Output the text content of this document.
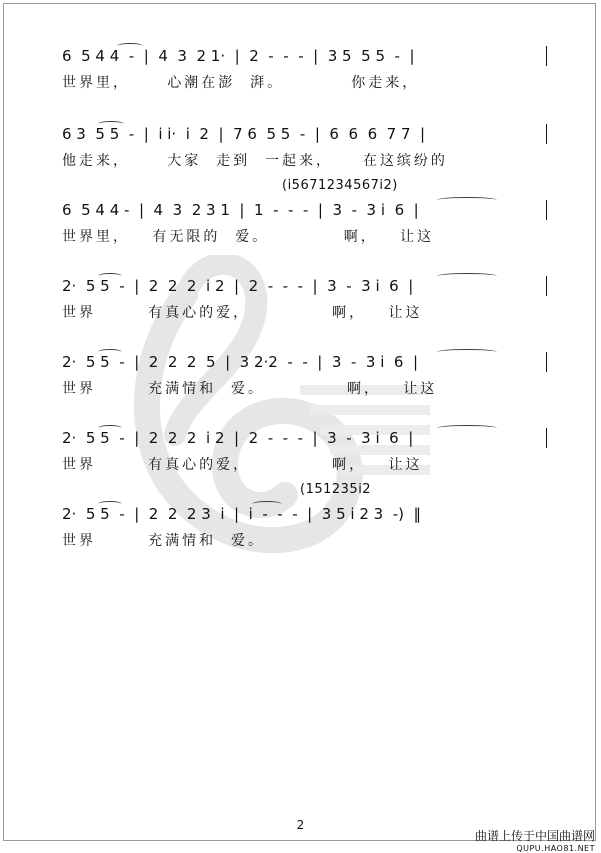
6  5 4 4  -  |  4  3  2 1·  |  2  -  -  -  |  3 5  5 5  -  |
世界里，     心潮在澎  湃。         你走来，
6 3  5 5  -  |  i i·  i  2  |  7 6  5 5  -  |  6  6  6  7 7  |
他走来，     大家  走到  一起来，    在这缤纷的
(i5671234567i2)
6  5 4 4 -  |  4  3  2 3 1  |  1  -  -  -  |  3  -  3 i  6  |
世界里，   有无限的  爱。          啊，   让这
2·  5 5  -  |  2  2  2  i 2  |  2  -  -  -  |  3  -  3 i  6  |
世界       有真心的爱，           啊，   让这
2·  5 5  -  |  2  2  2  5  |  3 2·2  -  -  |  3  -  3 i  6  |
世界       充满情和  爱。           啊，   让这
2·  5 5  -  |  2  2  2  i 2  |  2  -  -  -  |  3  -  3 i  6  |
世界       有真心的爱，           啊，   让这
(151235i2
2·  5 5  -  |  2  2  2 3  i  |  i  -  -  -  |  3 5 i 2 3  -)  ‖
世界       充满情和  爱。
2
曲谱上传于中国曲谱网
QUPU.HAO81.NET
